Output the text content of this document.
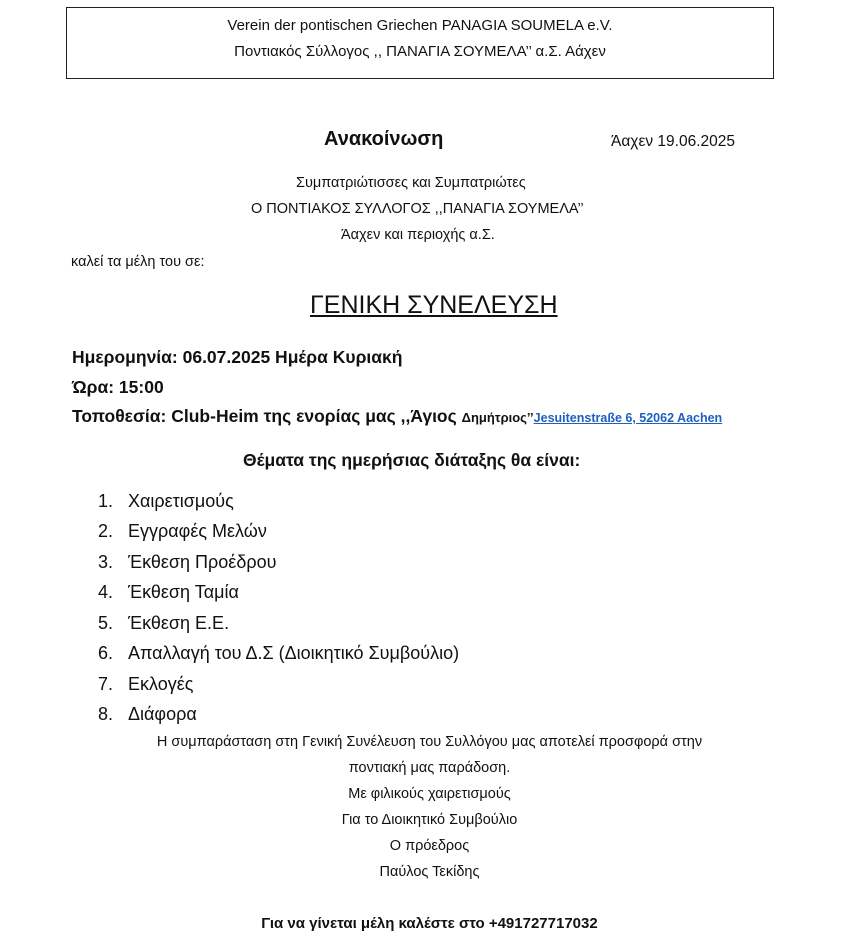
Verein der pontischen Griechen PANAGIA SOUMELA e.V.
Ποντιακός Σύλλογος ,, ΠΑΝΑΓΙΑ ΣΟΥΜΕΛΑ’’ α.Σ. Αάχεν
Ανακοίνωση	Άαχεν 19.06.2025
Συμπατριώτισσες και Συμπατριώτες
Ο ΠΟΝΤΙΑΚΟΣ ΣΥΛΛΟΓΟΣ ,,ΠΑΝΑΓΙΑ ΣΟΥΜΕΛΑ’’
Άαχεν και περιοχής α.Σ.
καλεί τα μέλη του σε:
ΓΕΝΙΚΗ ΣΥΝΕΛΕΥΣΗ
Ημερομηνία: 06.07.2025 Ημέρα Κυριακή
Ώρα: 15:00
Τοποθεσία: Club-Heim της ενορίας μας ,,Άγιος Δημήτριος’’Jesuitenstraße 6, 52062 Aachen
Θέματα της ημερήσιας διάταξης θα είναι:
1. Χαιρετισμούς
2. Εγγραφές Μελών
3. Έκθεση Προέδρου
4. Έκθεση Ταμία
5. Έκθεση Ε.Ε.
6. Απαλλαγή του Δ.Σ (Διοικητικό Συμβούλιο)
7. Εκλογές
8. Διάφορα
Η συμπαράσταση στη Γενική Συνέλευση του Συλλόγου μας αποτελεί προσφορά στην
ποντιακή μας παράδοση.
Με φιλικούς χαιρετισμούς
Για το Διοικητικό Συμβούλιο
Ο πρόεδρος
Παύλος Τεκίδης
Για να γίνεται μέλη καλέστε στο +491727717032
